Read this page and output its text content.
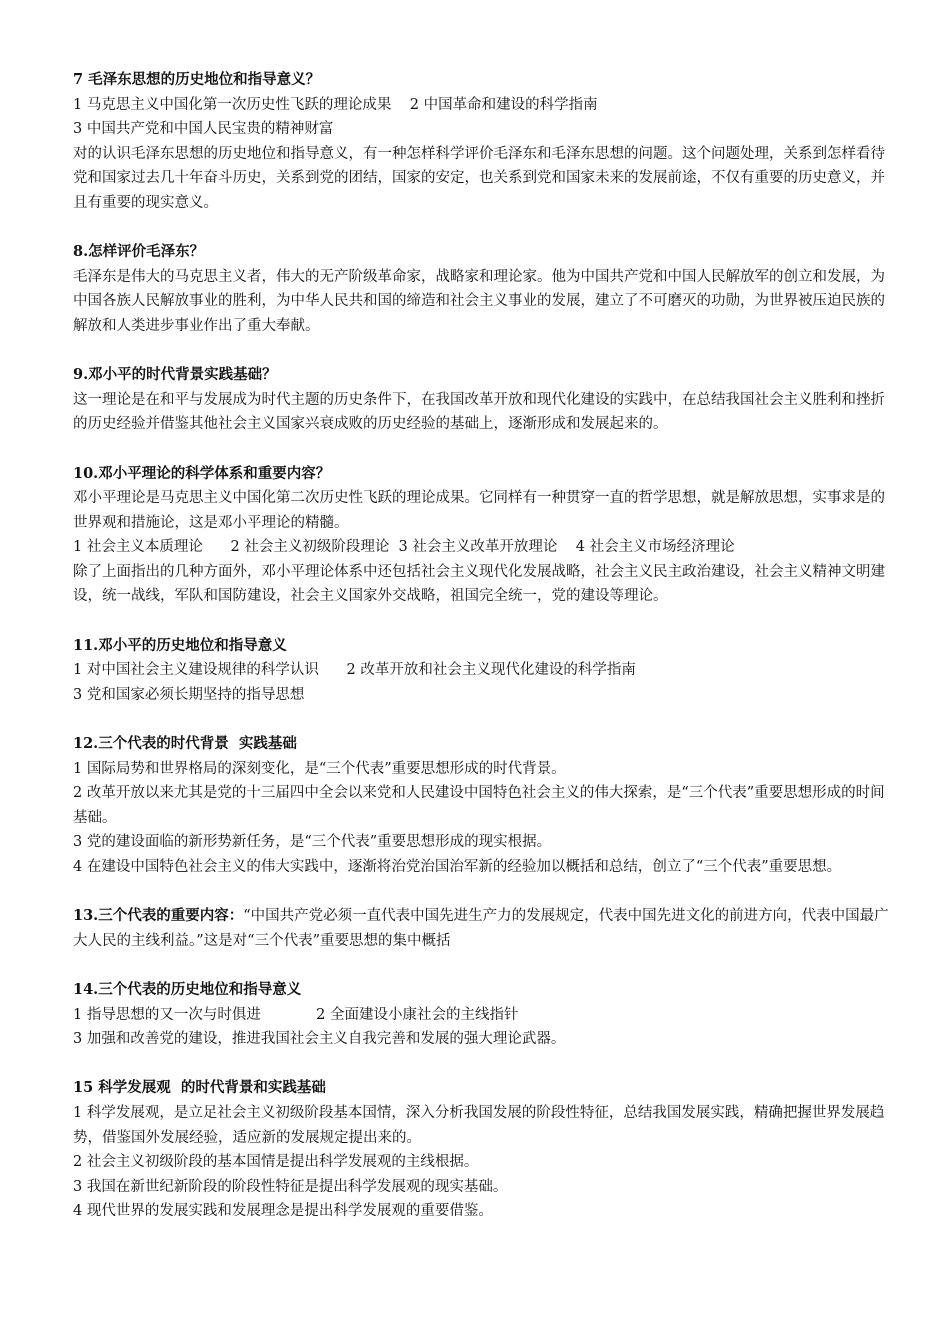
7 毛泽东思想的历史地位和指导意义？

1 马克思主义中国化第一次历史性飞跃的理论成果    2 中国革命和建设的科学指南

3 中国共产党和中国人民宝贵的精神财富

对的认识毛泽东思想的历史地位和指导意义，有一种怎样科学评价毛泽东和毛泽东思想的问题。这个问题处理，关系到怎样看待党和国家过去几十年奋斗历史，关系到党的团结，国家的安定，也关系到党和国家未来的发展前途，不仅有重要的历史意义，并且有重要的现实意义。

8.怎样评价毛泽东？

毛泽东是伟大的马克思主义者，伟大的无产阶级革命家，战略家和理论家。他为中国共产党和中国人民解放军的创立和发展，为中国各族人民解放事业的胜利，为中华人民共和国的缔造和社会主义事业的发展，建立了不可磨灭的功勋，为世界被压迫民族的解放和人类进步事业作出了重大奉献。

9.邓小平的时代背景实践基础？

这一理论是在和平与发展成为时代主题的历史条件下，在我国改革开放和现代化建设的实践中，在总结我国社会主义胜利和挫折的历史经验并借鉴其他社会主义国家兴衰成败的历史经验的基础上，逐渐形成和发展起来的。

10.邓小平理论的科学体系和重要内容？

邓小平理论是马克思主义中国化第二次历史性飞跃的理论成果。它同样有一种贯穿一直的哲学思想，就是解放思想，实事求是的世界观和措施论，这是邓小平理论的精髓。

1 社会主义本质理论      2 社会主义初级阶段理论  3 社会主义改革开放理论    4 社会主义市场经济理论

除了上面指出的几种方面外，邓小平理论体系中还包括社会主义现代化发展战略，社会主义民主政治建设，社会主义精神文明建设，统一战线，军队和国防建设，社会主义国家外交战略，祖国完全统一，党的建设等理论。

11.邓小平的历史地位和指导意义

1 对中国社会主义建设规律的科学认识      2 改革开放和社会主义现代化建设的科学指南

3 党和国家必须长期坚持的指导思想

12.三个代表的时代背景  实践基础

1 国际局势和世界格局的深刻变化，是“三个代表”重要思想形成的时代背景。

2 改革开放以来尤其是党的十三届四中全会以来党和人民建设中国特色社会主义的伟大探索，是“三个代表”重要思想形成的时间基础。

3 党的建设面临的新形势新任务，是“三个代表”重要思想形成的现实根据。

4 在建设中国特色社会主义的伟大实践中，逐渐将治党治国治军新的经验加以概括和总结，创立了“三个代表”重要思想。

13.三个代表的重要内容：“中国共产党必须一直代表中国先进生产力的发展规定，代表中国先进文化的前进方向，代表中国最广大人民的主线利益。”这是对“三个代表”重要思想的集中概括

14.三个代表的历史地位和指导意义

1 指导思想的又一次与时俱进            2 全面建设小康社会的主线指针

3 加强和改善党的建设，推进我国社会主义自我完善和发展的强大理论武器。

15 科学发展观  的时代背景和实践基础

1 科学发展观，是立足社会主义初级阶段基本国情，深入分析我国发展的阶段性特征，总结我国发展实践，精确把握世界发展趋势，借鉴国外发展经验，适应新的发展规定提出来的。

2 社会主义初级阶段的基本国情是提出科学发展观的主线根据。

3 我国在新世纪新阶段的阶段性特征是提出科学发展观的现实基础。

4 现代世界的发展实践和发展理念是提出科学发展观的重要借鉴。
